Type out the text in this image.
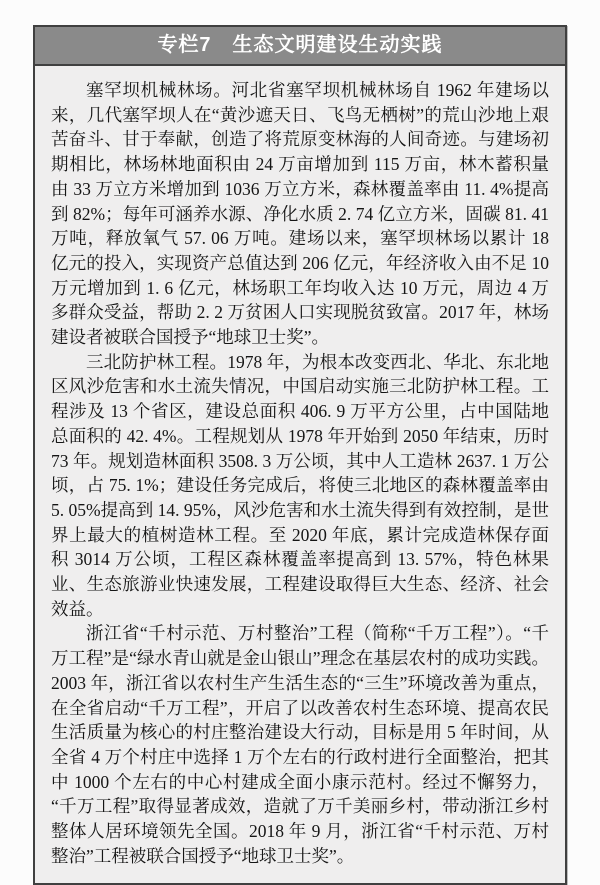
专栏7　生态文明建设生动实践

塞罕坝机械林场。河北省塞罕坝机械林场自 1962 年建场以来，几代塞罕坝人在“黄沙遮天日、飞鸟无栖树”的荒山沙地上艰苦奋斗、甘于奉献，创造了将荒原变林海的人间奇迹。与建场初期相比，林场林地面积由 24 万亩增加到 115 万亩，林木蓄积量由 33 万立方米增加到 1036 万立方米，森林覆盖率由 11. 4%提高到 82%；每年可涵养水源、净化水质 2. 74 亿立方米，固碳 81. 41 万吨，释放氧气 57. 06 万吨。建场以来，塞罕坝林场以累计 18 亿元的投入，实现资产总值达到 206 亿元，年经济收入由不足 10 万元增加到 1. 6 亿元，林场职工年均收入达 10 万元，周边 4 万多群众受益，帮助 2. 2 万贫困人口实现脱贫致富。2017 年，林场建设者被联合国授予“地球卫士奖”。

三北防护林工程。1978 年，为根本改变西北、华北、东北地区风沙危害和水土流失情况，中国启动实施三北防护林工程。工程涉及 13 个省区，建设总面积 406. 9 万平方公里，占中国陆地总面积的 42. 4%。工程规划从 1978 年开始到 2050 年结束，历时 73 年。规划造林面积 3508. 3 万公顷，其中人工造林 2637. 1 万公顷，占 75. 1%；建设任务完成后，将使三北地区的森林覆盖率由 5. 05%提高到 14. 95%，风沙危害和水土流失得到有效控制，是世界上最大的植树造林工程。至 2020 年底，累计完成造林保存面积 3014 万公顷，工程区森林覆盖率提高到 13. 57%，特色林果业、生态旅游业快速发展，工程建设取得巨大生态、经济、社会效益。

浙江省“千村示范、万村整治”工程（简称“千万工程”）。“千万工程”是“绿水青山就是金山银山”理念在基层农村的成功实践。2003 年，浙江省以农村生产生活生态的“三生”环境改善为重点，在全省启动“千万工程”，开启了以改善农村生态环境、提高农民生活质量为核心的村庄整治建设大行动，目标是用 5 年时间，从全省 4 万个村庄中选择 1 万个左右的行政村进行全面整治，把其中 1000 个左右的中心村建成全面小康示范村。经过不懈努力，“千万工程”取得显著成效，造就了万千美丽乡村，带动浙江乡村整体人居环境领先全国。2018 年 9 月，浙江省“千村示范、万村整治”工程被联合国授予“地球卫士奖”。
